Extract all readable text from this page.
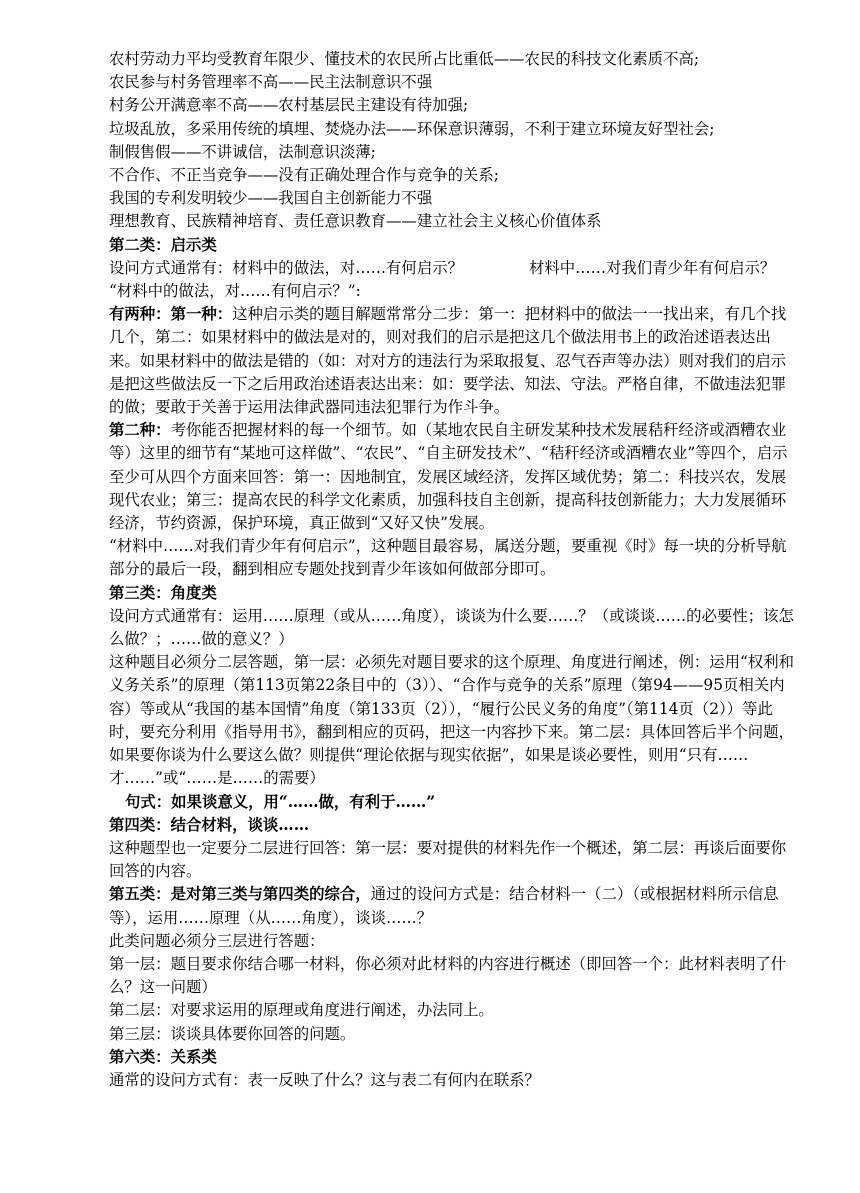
农村劳动力平均受教育年限少、懂技术的农民所占比重低——农民的科技文化素质不高;

农民参与村务管理率不高——民主法制意识不强

村务公开满意率不高——农村基层民主建设有待加强;

垃圾乱放，多采用传统的填埋、焚烧办法——环保意识薄弱，不利于建立环境友好型社会;

制假售假——不讲诚信，法制意识淡薄;

不合作、不正当竞争——没有正确处理合作与竞争的关系;

我国的专利发明较少——我国自主创新能力不强

理想教育、民族精神培育、责任意识教育——建立社会主义核心价值体系

第二类：启示类

设问方式通常有：材料中的做法，对……有何启示？	材料中……对我们青少年有何启示？

“材料中的做法，对……有何启示？”:

有两种：第一种：这种启示类的题目解题常常分二步：第一：把材料中的做法一一找出来，有几个找几个，第二：如果材料中的做法是对的，则对我们的启示是把这几个做法用书上的政治述语表达出来。如果材料中的做法是错的（如：对对方的违法行为采取报复、忍气吞声等办法）则对我们的启示是把这些做法反一下之后用政治述语表达出来：如：要学法、知法、守法。严格自律，不做违法犯罪的做；要敢于关善于运用法律武器同违法犯罪行为作斗争。

第二种：考你能否把握材料的每一个细节。如（某地农民自主研发某种技术发展秸秆经济或酒糟农业等）这里的细节有“某地可这样做”、“农民”、“自主研发技术”、“秸秆经济或酒糟农业”等四个，启示至少可从四个方面来回答：第一：因地制宜，发展区域经济，发挥区域优势；第二：科技兴农，发展现代农业；第三：提高农民的科学文化素质，加强科技自主创新，提高科技创新能力；大力发展循环经济，节约资源，保护环境，真正做到“又好又快”发展。

“材料中……对我们青少年有何启示”，这种题目最容易，属送分题，要重视《时》每一块的分析导航部分的最后一段，翻到相应专题处找到青少年该如何做部分即可。

第三类：角度类

设问方式通常有：运用……原理（或从……角度），谈谈为什么要……？（或谈谈……的必要性；该怎么做？；……做的意义？）

这种题目必须分二层答题，第一层：必须先对题目要求的这个原理、角度进行阐述，例：运用“权利和义务关系”的原理（第113页第22条目中的（3））、“合作与竞争的关系”原理（第94——95页相关内容）等或从“我国的基本国情”角度（第133页（2）），“履行公民义务的角度”（第114页（2））等此时，要充分利用《指导用书》，翻到相应的页码，把这一内容抄下来。第二层：具体回答后半个问题，如果要你谈为什么要这么做？则提供“理论依据与现实依据”，如果是谈必要性，则用“只有……才……”或“……是……的需要）

句式：如果谈意义，用“……做，有利于……”

第四类：结合材料，谈谈……

这种题型也一定要分二层进行回答：第一层：要对提供的材料先作一个概述，第二层：再谈后面要你回答的内容。

第五类：是对第三类与第四类的综合，通过的设问方式是：结合材料一（二）（或根据材料所示信息等），运用……原理（从……角度），谈谈……？

此类问题必须分三层进行答题：

第一层：题目要求你结合哪一材料，你必须对此材料的内容进行概述（即回答一个：此材料表明了什么？这一问题）

第二层：对要求运用的原理或角度进行阐述，办法同上。

第三层：谈谈具体要你回答的问题。

第六类：关系类

通常的设问方式有：表一反映了什么？这与表二有何内在联系？
